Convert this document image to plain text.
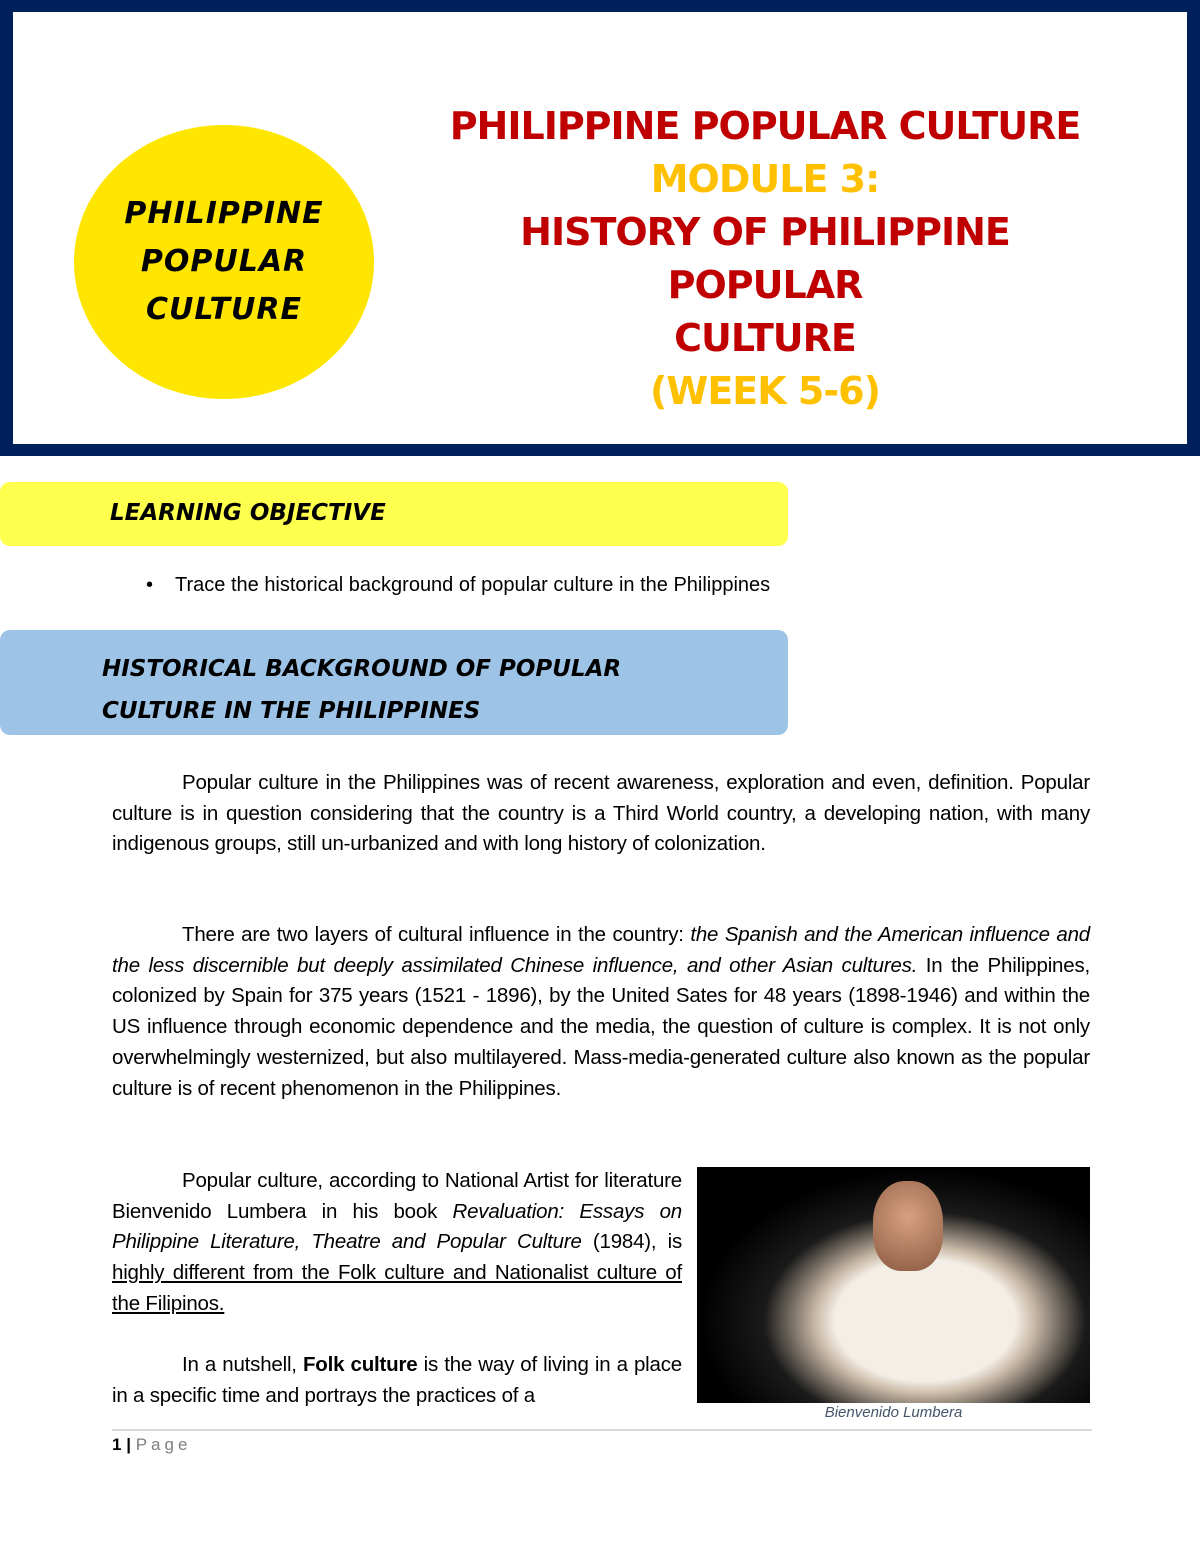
PHILIPPINE
POPULAR
CULTURE
PHILIPPINE POPULAR CULTURE
MODULE 3:
HISTORY OF PHILIPPINE POPULAR
CULTURE
(WEEK 5-6)
LEARNING OBJECTIVE
• Trace the historical background of popular culture in the Philippines
HISTORICAL BACKGROUND OF POPULAR
CULTURE IN THE PHILIPPINES

Popular culture in the Philippines was of recent awareness, exploration and even, definition. Popular culture is in question considering that the country is a Third World country, a developing nation, with many indigenous groups, still un-urbanized and with long history of colonization.

There are two layers of cultural influence in the country: the Spanish and the American influence and the less discernible but deeply assimilated Chinese influence, and other Asian cultures. In the Philippines, colonized by Spain for 375 years (1521 - 1896), by the United Sates for 48 years (1898-1946) and within the US influence through economic dependence and the media, the question of culture is complex. It is not only overwhelmingly westernized, but also multilayered. Mass-media-generated culture also known as the popular culture is of recent phenomenon in the Philippines.

Popular culture, according to National Artist for literature Bienvenido Lumbera in his book Revaluation: Essays on Philippine Literature, Theatre and Popular Culture (1984), is highly different from the Folk culture and Nationalist culture of the Filipinos.

In a nutshell, Folk culture is the way of living in a place in a specific time and portrays the practices of a

Bienvenido Lumbera
1 | Page
